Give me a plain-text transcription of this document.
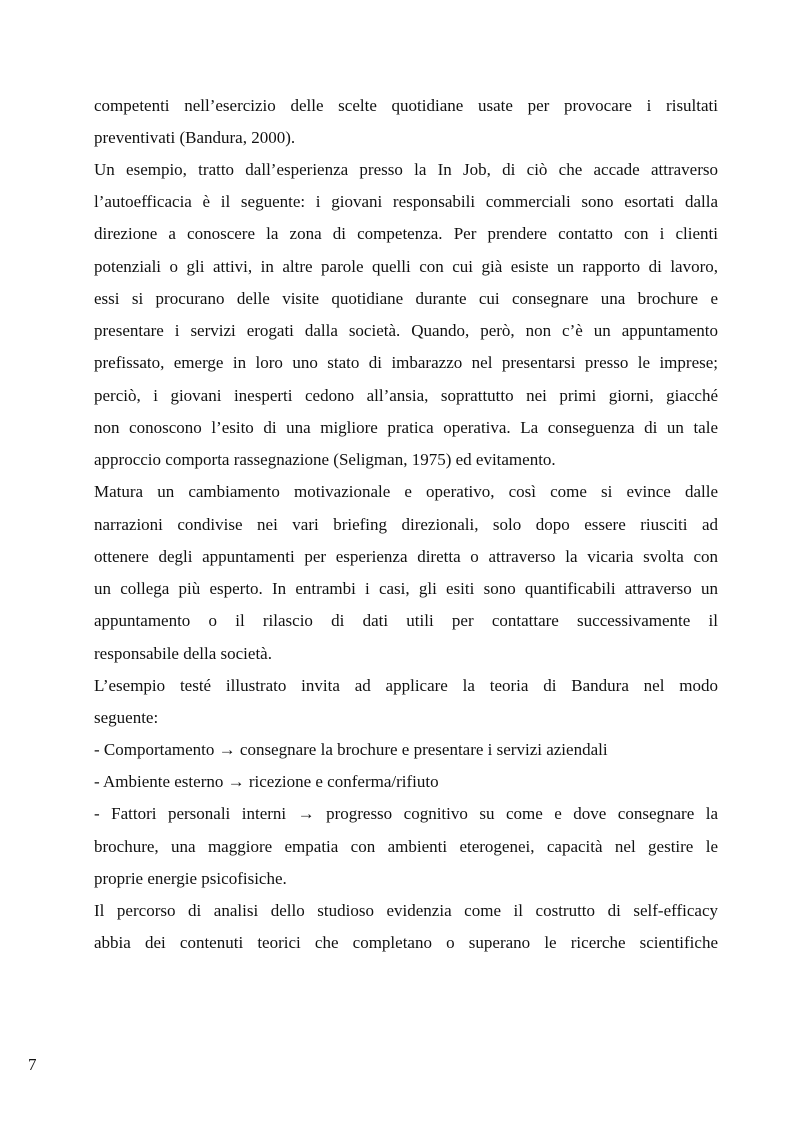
competenti nell’esercizio delle scelte quotidiane usate per provocare i risultati
preventivati (Bandura, 2000).
Un esempio, tratto dall’esperienza presso la In Job, di ciò che accade attraverso
l’autoefficacia è il seguente: i giovani responsabili commerciali sono esortati dalla
direzione a conoscere la zona di competenza. Per prendere contatto con i clienti
potenziali o gli attivi, in altre parole quelli con cui già esiste un rapporto di lavoro,
essi si procurano delle visite quotidiane durante cui consegnare una brochure e
presentare i servizi erogati dalla società. Quando, però, non c’è un appuntamento
prefissato, emerge in loro uno stato di imbarazzo nel presentarsi presso le imprese;
perciò, i giovani inesperti cedono all’ansia, soprattutto nei primi giorni, giacché
non conoscono l’esito di una migliore pratica operativa. La conseguenza di un tale
approccio comporta rassegnazione (Seligman, 1975) ed evitamento.
Matura un cambiamento motivazionale e operativo, così come si evince dalle
narrazioni condivise nei vari briefing direzionali, solo dopo essere riusciti ad
ottenere degli appuntamenti per esperienza diretta o attraverso la vicaria svolta con
un collega più esperto. In entrambi i casi, gli esiti sono quantificabili attraverso un
appuntamento o il rilascio di dati utili per contattare successivamente il
responsabile della società.
L’esempio testé illustrato invita ad applicare la teoria di Bandura nel modo
seguente:
- Comportamento → consegnare la brochure e presentare i servizi aziendali
- Ambiente esterno → ricezione e conferma/rifiuto
- Fattori personali interni → progresso cognitivo su come e dove consegnare la
brochure, una maggiore empatia con ambienti eterogenei, capacità nel gestire le
proprie energie psicofisiche.
Il percorso di analisi dello studioso evidenzia come il costrutto di self-efficacy
abbia dei contenuti teorici che completano o superano le ricerche scientifiche
7
